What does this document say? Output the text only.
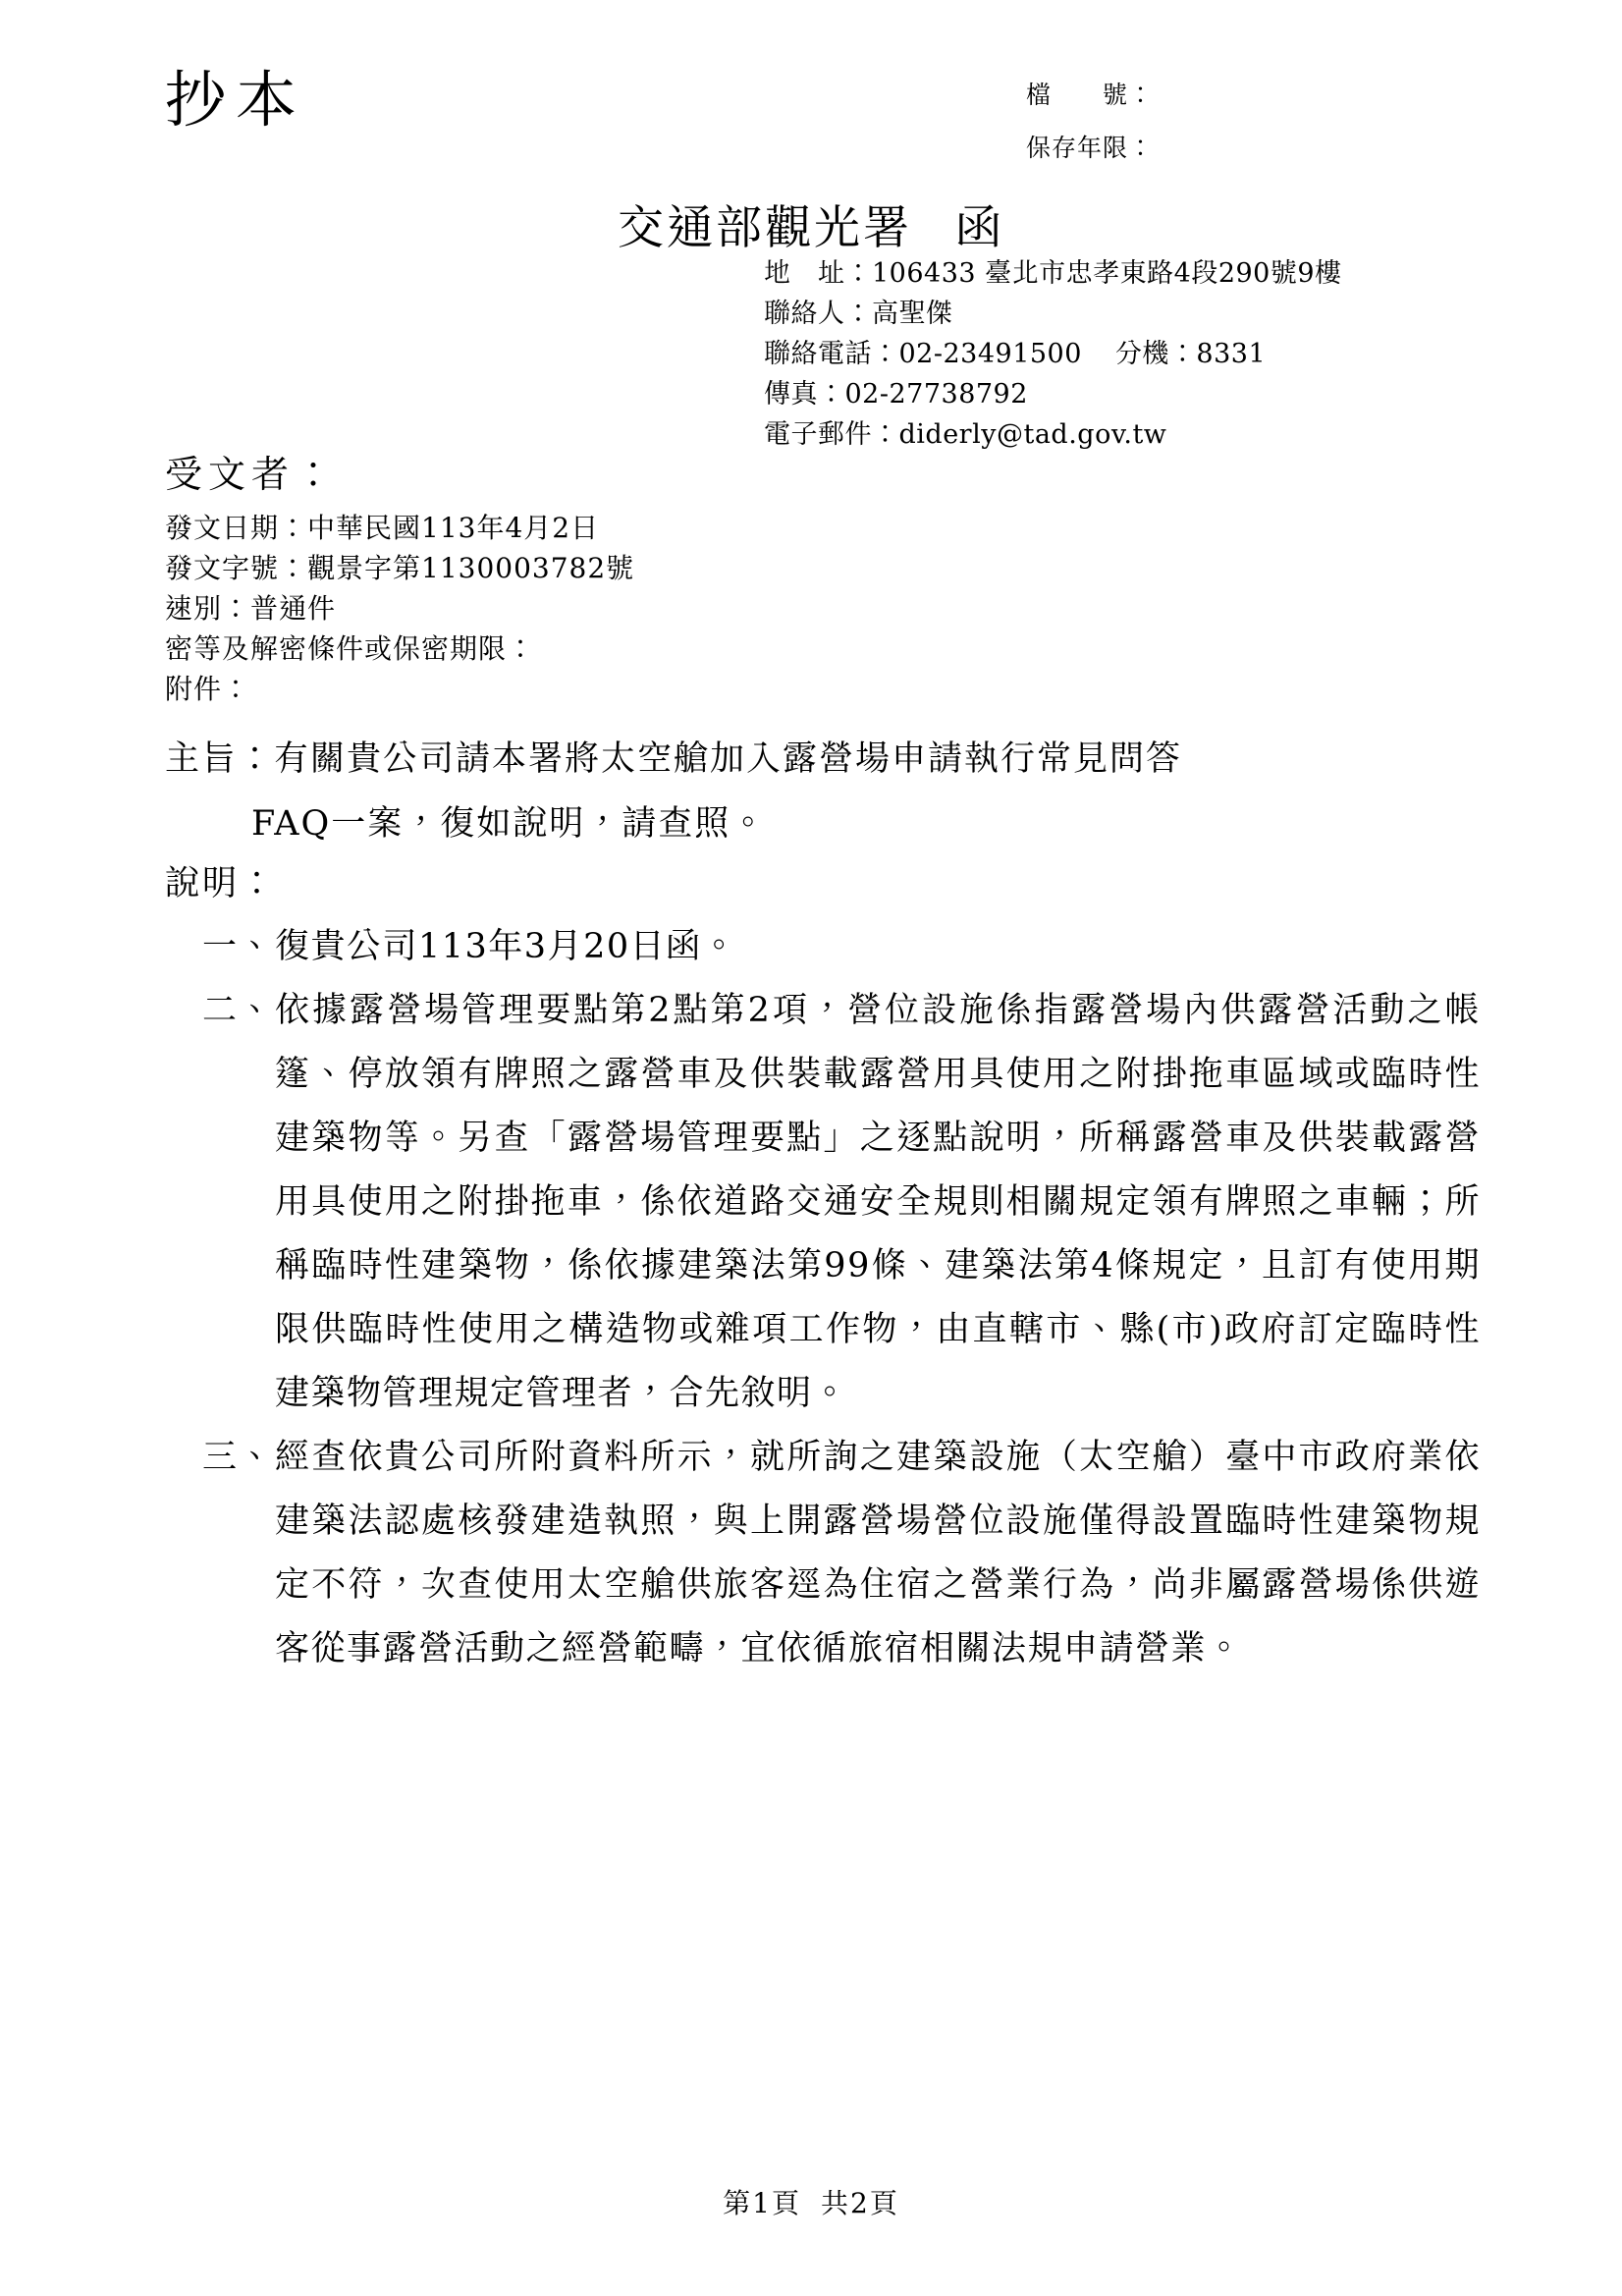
抄本	檔　　號：
保存年限：
交通部觀光署 函
地　址：106433 臺北市忠孝東路4段290號9樓
聯絡人：高聖傑
聯絡電話：02-23491500 分機：8331
傳真：02-27738792
電子郵件：diderly@tad.gov.tw
受文者：
發文日期：中華民國113年4月2日
發文字號：觀景字第1130003782號
速別：普通件
密等及解密條件或保密期限：
附件：
主旨：有關貴公司請本署將太空艙加入露營場申請執行常見問答
FAQ一案，復如說明，請查照。
說明：
一、 復貴公司113年3月20日函。
二、 依據露營場管理要點第2點第2項，營位設施係指露營場內供露營活動之帳篷、停放領有牌照之露營車及供裝載露營用具使用之附掛拖車區域或臨時性建築物等。另查「露營場管理要點」之逐點說明，所稱露營車及供裝載露營用具使用之附掛拖車，係依道路交通安全規則相關規定領有牌照之車輛；所稱臨時性建築物，係依據建築法第99條、建築法第4條規定，且訂有使用期限供臨時性使用之構造物或雜項工作物，由直轄市、縣(市)政府訂定臨時性建築物管理規定管理者，合先敘明。
三、 經查依貴公司所附資料所示，就所詢之建築設施（太空艙）臺中市政府業依建築法認處核發建造執照，與上開露營場營位設施僅得設置臨時性建築物規定不符，次查使用太空艙供旅客逕為住宿之營業行為，尚非屬露營場係供遊客從事露營活動之經營範疇，宜依循旅宿相關法規申請營業。
第1頁 共2頁
